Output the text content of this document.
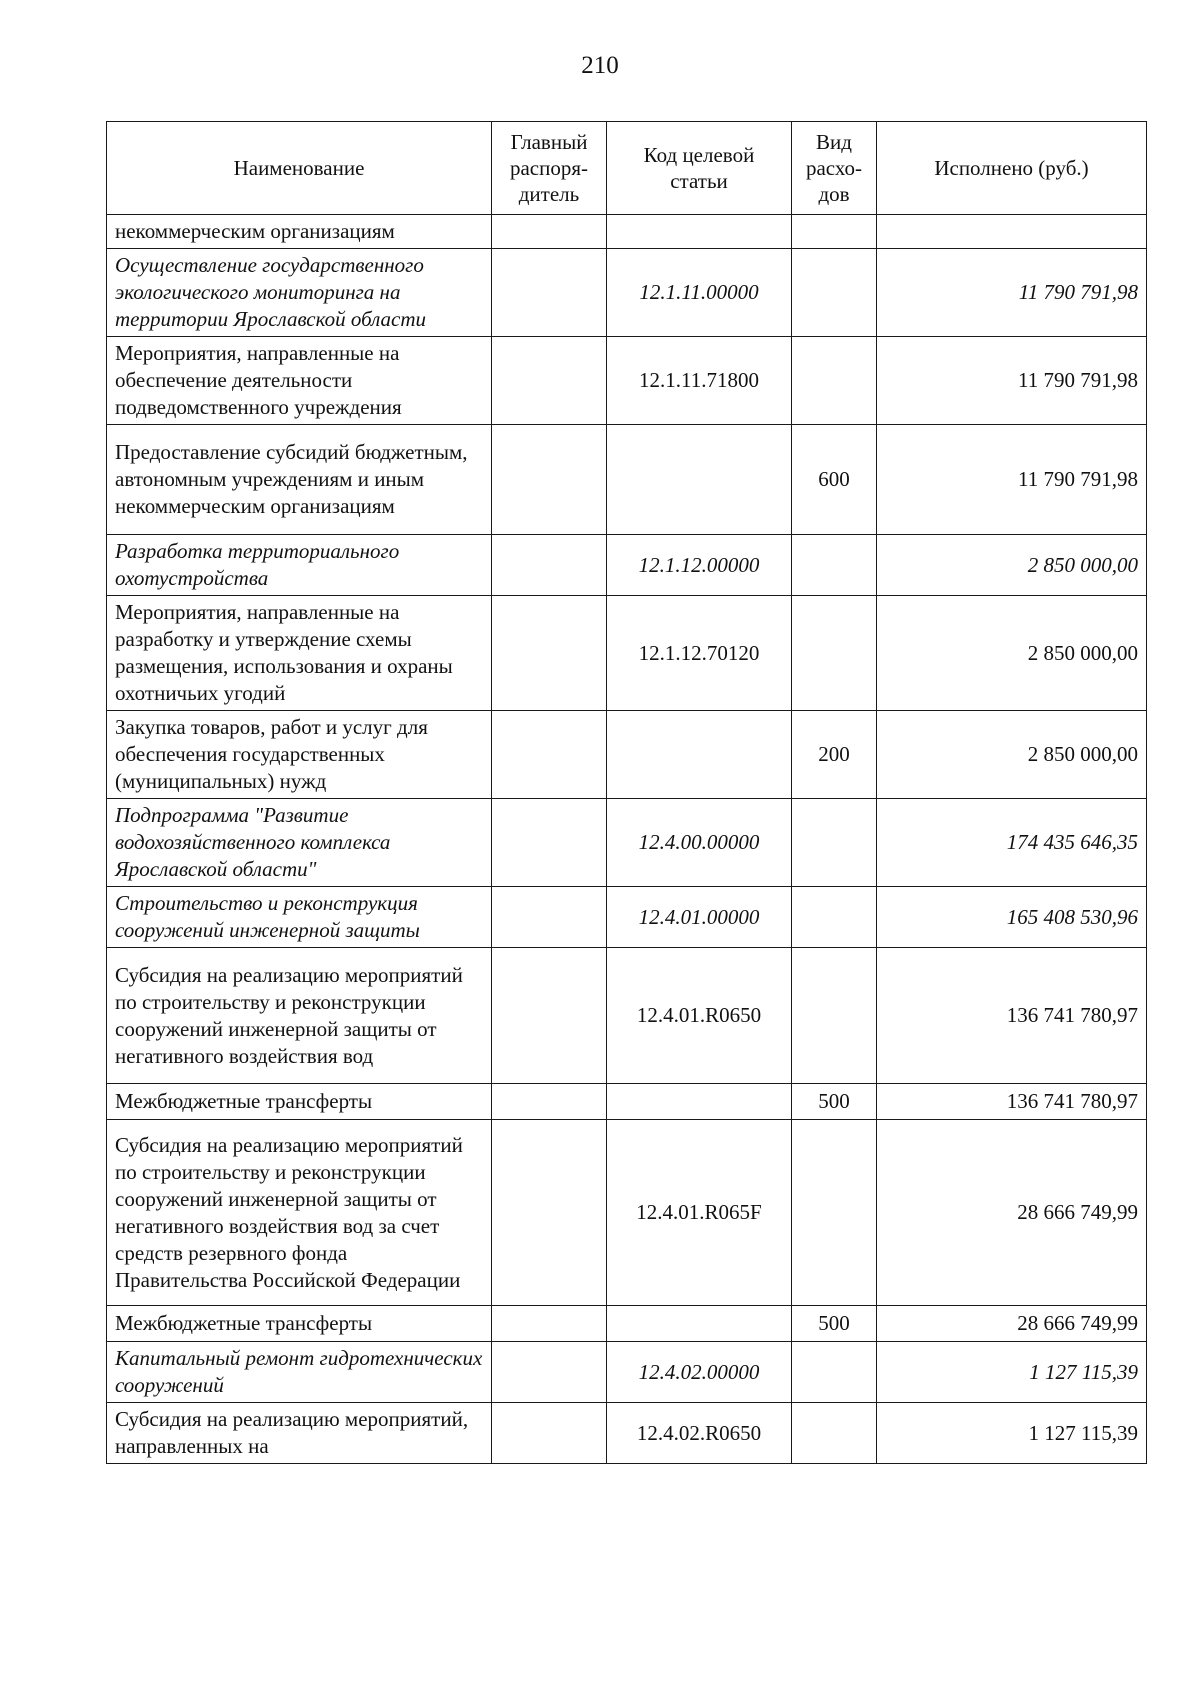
210
Наименование	Главный распоря-дитель	Код целевой статьи	Вид расхо-дов	Исполнено (руб.)
некоммерческим организациям				
Осуществление государственного экологического мониторинга на территории Ярославской области		12.1.11.00000		11 790 791,98
Мероприятия, направленные на обеспечение деятельности подведомственного учреждения		12.1.11.71800		11 790 791,98
Предоставление субсидий бюджетным, автономным учреждениям и иным некоммерческим организациям			600	11 790 791,98
Разработка территориального охотустройства		12.1.12.00000		2 850 000,00
Мероприятия, направленные на разработку и утверждение схемы размещения, использования и охраны охотничьих угодий		12.1.12.70120		2 850 000,00
Закупка товаров, работ и услуг для обеспечения государственных (муниципальных) нужд			200	2 850 000,00
Подпрограмма "Развитие водохозяйственного комплекса Ярославской области"		12.4.00.00000		174 435 646,35
Строительство и реконструкция сооружений инженерной защиты		12.4.01.00000		165 408 530,96
Субсидия на реализацию мероприятий по строительству и реконструкции сооружений инженерной защиты от негативного воздействия вод		12.4.01.R0650		136 741 780,97
Межбюджетные трансферты			500	136 741 780,97
Субсидия на реализацию мероприятий по строительству и реконструкции сооружений инженерной защиты от негативного воздействия вод за счет средств резервного фонда Правительства Российской Федерации		12.4.01.R065F		28 666 749,99
Межбюджетные трансферты			500	28 666 749,99
Капитальный ремонт гидротехнических сооружений		12.4.02.00000		1 127 115,39
Субсидия на реализацию мероприятий, направленных на		12.4.02.R0650		1 127 115,39
